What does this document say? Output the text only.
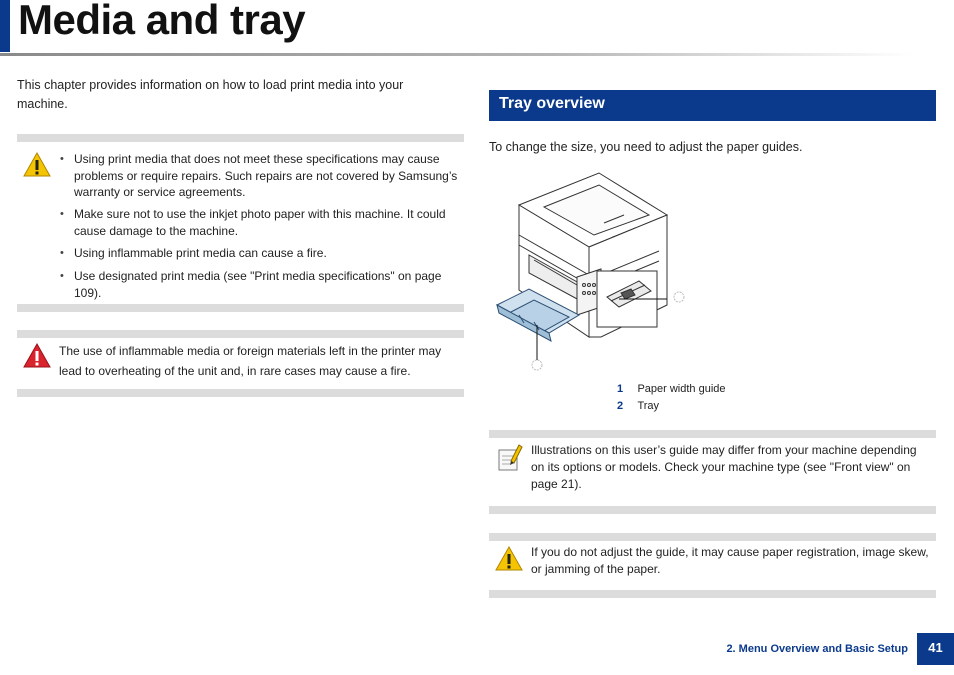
Media and tray

This chapter provides information on how to load print media into your machine.

• Using print media that does not meet these specifications may cause problems or require repairs. Such repairs are not covered by Samsung’s warranty or service agreements.
• Make sure not to use the inkjet photo paper with this machine. It could cause damage to the machine.
• Using inflammable print media can cause a fire.
• Use designated print media (see "Print media specifications" on page 109).

The use of inflammable media or foreign materials left in the printer may lead to overheating of the unit and, in rare cases may cause a fire.

Tray overview

To change the size, you need to adjust the paper guides.

1 Paper width guide
2 Tray

Illustrations on this user’s guide may differ from your machine depending on its options or models. Check your machine type (see "Front view" on page 21).

If you do not adjust the guide, it may cause paper registration, image skew, or jamming of the paper.

2. Menu Overview and Basic Setup	41
